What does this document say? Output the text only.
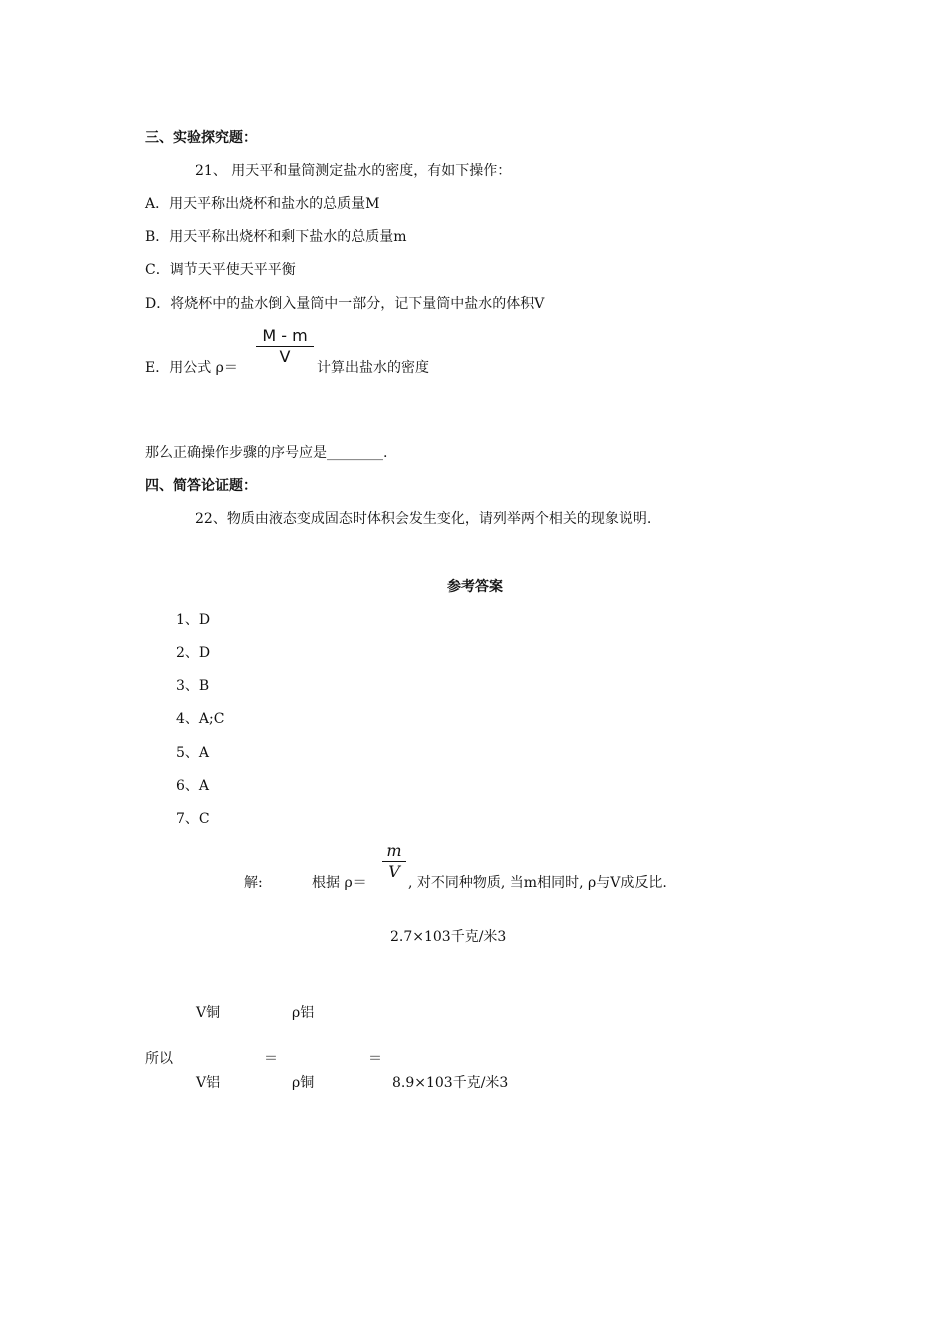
三、实验探究题：
21、 用天平和量筒测定盐水的密度，有如下操作：
A．用天平称出烧杯和盐水的总质量M
B．用天平称出烧杯和剩下盐水的总质量m
C．调节天平使天平平衡
D．将烧杯中的盐水倒入量筒中一部分，记下量筒中盐水的体积V
E．用公式 ρ＝
M - m
V
计算出盐水的密度
那么正确操作步骤的序号应是________.
四、简答论证题：
22、物质由液态变成固态时体积会发生变化，请列举两个相关的现象说明.
参考答案
1、D
2、D
3、B
4、A;C
5、A
6、A
7、C
解:	根据 ρ＝
m
V
, 对不同种物质, 当m相同时, ρ与V成反比.
2.7×103千克/米3
V铜	ρ铝
所以	＝	＝
V铝	ρ铜	8.9×103千克/米3
